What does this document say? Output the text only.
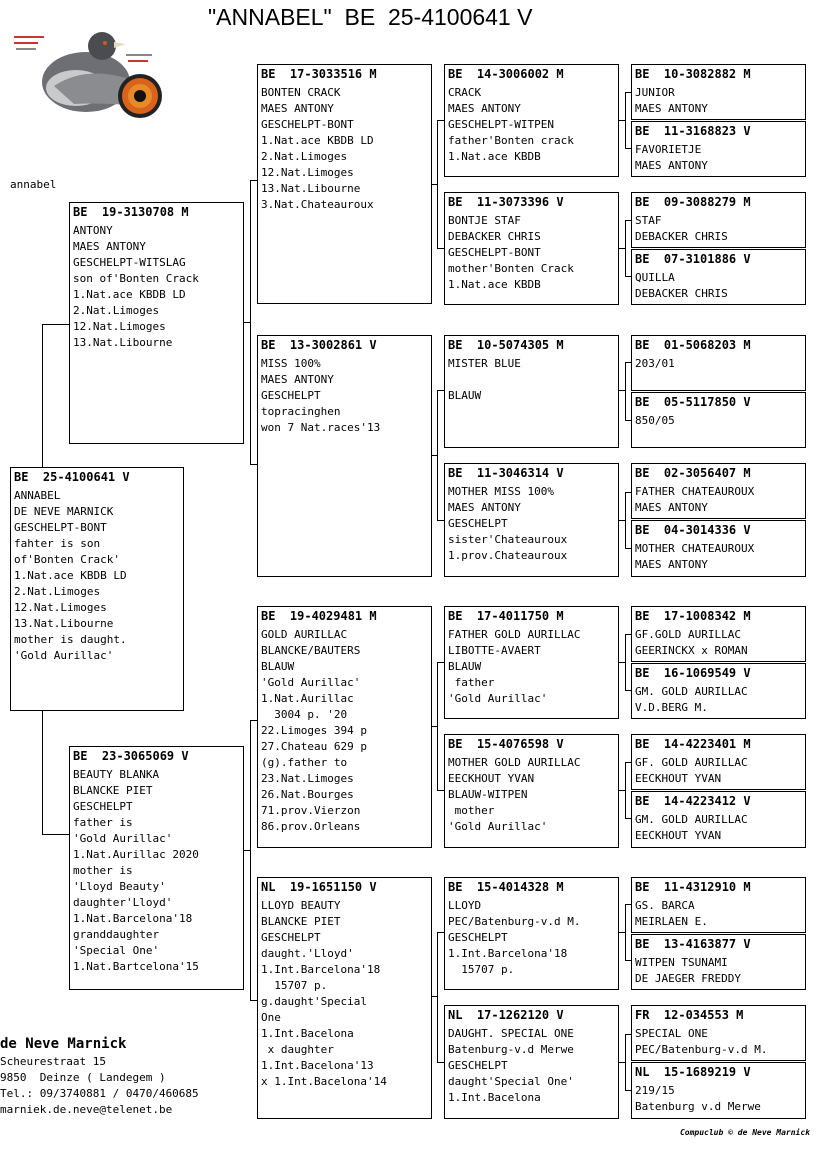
"ANNABEL"  BE  25-4100641 V
annabel
BE  25-4100641 V
ANNABEL
DE NEVE MARNICK
GESCHELPT-BONT
fahter is son
of'Bonten Crack'
1.Nat.ace KBDB LD
2.Nat.Limoges
12.Nat.Limoges
13.Nat.Libourne
mother is daught.
'Gold Aurillac'
BE  19-3130708 M
ANTONY
MAES ANTONY
GESCHELPT-WITSLAG
son of'Bonten Crack
1.Nat.ace KBDB LD
2.Nat.Limoges
12.Nat.Limoges
13.Nat.Libourne
BE  23-3065069 V
BEAUTY BLANKA
BLANCKE PIET
GESCHELPT
father is
'Gold Aurillac'
1.Nat.Aurillac 2020
mother is
'Lloyd Beauty'
daughter'Lloyd'
1.Nat.Barcelona'18
granddaughter
'Special One'
1.Nat.Bartcelona'15
BE  17-3033516 M
BONTEN CRACK
MAES ANTONY
GESCHELPT-BONT
1.Nat.ace KBDB LD
2.Nat.Limoges
12.Nat.Limoges
13.Nat.Libourne
3.Nat.Chateauroux
BE  13-3002861 V
MISS 100%
MAES ANTONY
GESCHELPT
topracinghen
won 7 Nat.races'13
BE  19-4029481 M
GOLD AURILLAC
BLANCKE/BAUTERS
BLAUW
'Gold Aurillac'
1.Nat.Aurillac
3004 p. '20
22.Limoges 394 p
27.Chateau 629 p
(g).father to
23.Nat.Limoges
26.Nat.Bourges
71.prov.Vierzon
86.prov.Orleans
NL  19-1651150 V
LLOYD BEAUTY
BLANCKE PIET
GESCHELPT
daught.'Lloyd'
1.Int.Barcelona'18
15707 p.
g.daught'Special
One
1.Int.Bacelona
x daughter
1.Int.Bacelona'13
x 1.Int.Bacelona'14
BE  14-3006002 M
CRACK
MAES ANTONY
GESCHELPT-WITPEN
father'Bonten crack
1.Nat.ace KBDB
BE  11-3073396 V
BONTJE STAF
DEBACKER CHRIS
GESCHELPT-BONT
mother'Bonten Crack
1.Nat.ace KBDB
BE  10-5074305 M
MISTER BLUE
BLAUW
BE  11-3046314 V
MOTHER MISS 100%
MAES ANTONY
GESCHELPT
sister'Chateauroux
1.prov.Chateauroux
BE  17-4011750 M
FATHER GOLD AURILLAC
LIBOTTE-AVAERT
BLAUW
father
'Gold Aurillac'
BE  15-4076598 V
MOTHER GOLD AURILLAC
EECKHOUT YVAN
BLAUW-WITPEN
mother
'Gold Aurillac'
BE  15-4014328 M
LLOYD
PEC/Batenburg-v.d M.
GESCHELPT
1.Int.Barcelona'18
15707 p.
NL  17-1262120 V
DAUGHT. SPECIAL ONE
Batenburg-v.d Merwe
GESCHELPT
daught'Special One'
1.Int.Bacelona
BE  10-3082882 M
JUNIOR
MAES ANTONY
BE  11-3168823 V
FAVORIETJE
MAES ANTONY
BE  09-3088279 M
STAF
DEBACKER CHRIS
BE  07-3101886 V
QUILLA
DEBACKER CHRIS
BE  01-5068203 M
203/01
BE  05-5117850 V
850/05
BE  02-3056407 M
FATHER CHATEAUROUX
MAES ANTONY
BE  04-3014336 V
MOTHER CHATEAUROUX
MAES ANTONY
BE  17-1008342 M
GF.GOLD AURILLAC
GEERINCKX x ROMAN
BE  16-1069549 V
GM. GOLD AURILLAC
V.D.BERG M.
BE  14-4223401 M
GF. GOLD AURILLAC
EECKHOUT YVAN
BE  14-4223412 V
GM. GOLD AURILLAC
EECKHOUT YVAN
BE  11-4312910 M
GS. BARCA
MEIRLAEN E.
BE  13-4163877 V
WITPEN TSUNAMI
DE JAEGER FREDDY
FR  12-034553 M
SPECIAL ONE
PEC/Batenburg-v.d M.
NL  15-1689219 V
219/15
Batenburg v.d Merwe
de Neve Marnick
Scheurestraat 15
9850  Deinze ( Landegem )
Tel.: 09/3740881 / 0470/460685
marniek.de.neve@telenet.be
Compuclub © de Neve Marnick
